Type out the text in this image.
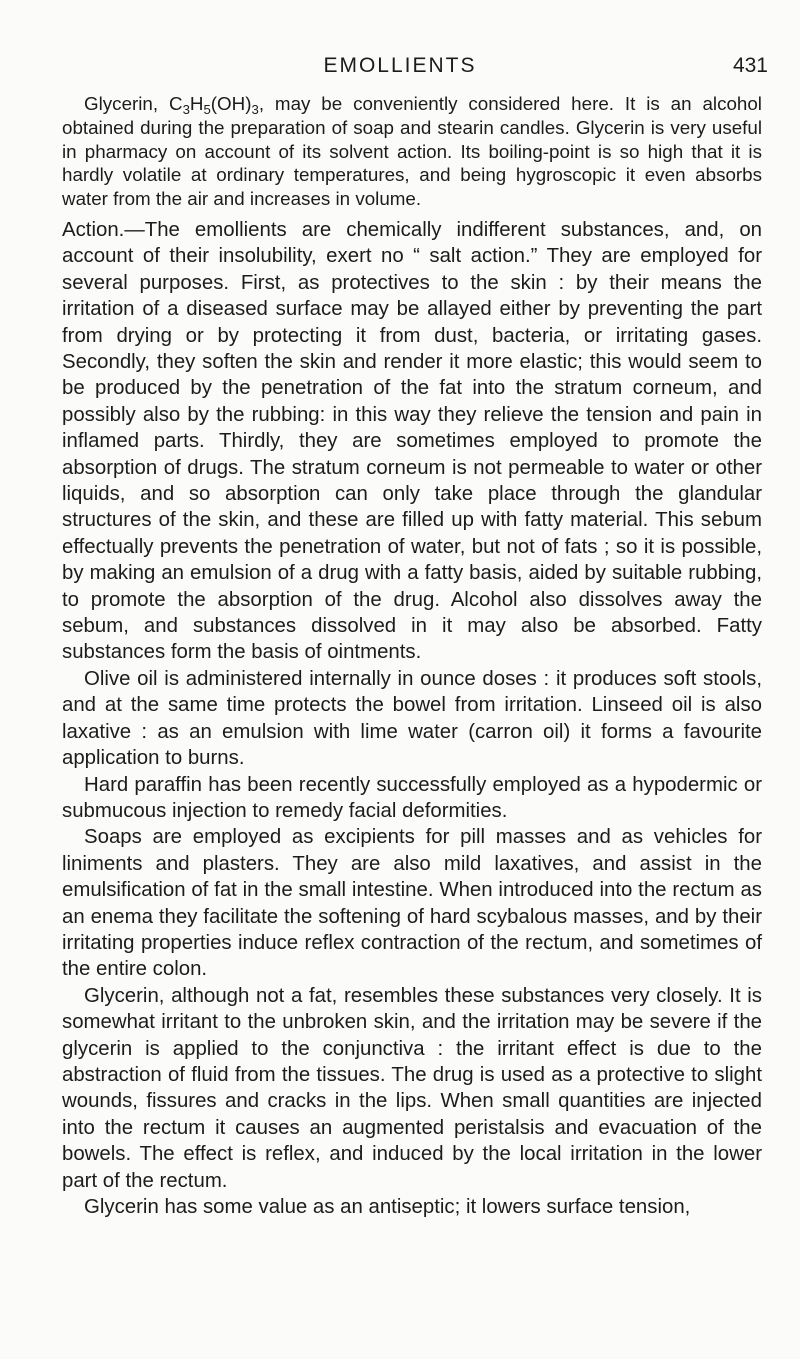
EMOLLIENTS	431

Glycerin, $C_3H_5(OH)_3$, may be conveniently considered here. It is an alcohol obtained during the preparation of soap and stearin candles. Glycerin is very useful in pharmacy on account of its solvent action. Its boiling-point is so high that it is hardly volatile at ordinary temperatures, and being hygroscopic it even absorbs water from the air and increases in volume.

Action.—The emollients are chemically indifferent substances, and, on account of their insolubility, exert no “ salt action.” They are employed for several purposes. First, as protectives to the skin : by their means the irritation of a diseased surface may be allayed either by preventing the part from drying or by protecting it from dust, bacteria, or irritating gases. Secondly, they soften the skin and render it more elastic; this would seem to be produced by the penetration of the fat into the stratum corneum, and possibly also by the rubbing: in this way they relieve the tension and pain in inflamed parts. Thirdly, they are sometimes employed to promote the absorption of drugs. The stratum corneum is not permeable to water or other liquids, and so absorption can only take place through the glandular structures of the skin, and these are filled up with fatty material. This sebum effectually prevents the penetration of water, but not of fats ; so it is possible, by making an emulsion of a drug with a fatty basis, aided by suitable rubbing, to promote the absorption of the drug. Alcohol also dissolves away the sebum, and substances dissolved in it may also be absorbed. Fatty substances form the basis of ointments.

Olive oil is administered internally in ounce doses : it produces soft stools, and at the same time protects the bowel from irritation. Linseed oil is also laxative : as an emulsion with lime water (carron oil) it forms a favourite application to burns.

Hard paraffin has been recently successfully employed as a hypodermic or submucous injection to remedy facial deformities.

Soaps are employed as excipients for pill masses and as vehicles for liniments and plasters. They are also mild laxatives, and assist in the emulsification of fat in the small intestine. When introduced into the rectum as an enema they facilitate the softening of hard scybalous masses, and by their irritating properties induce reflex contraction of the rectum, and sometimes of the entire colon.

Glycerin, although not a fat, resembles these substances very closely. It is somewhat irritant to the unbroken skin, and the irritation may be severe if the glycerin is applied to the conjunctiva : the irritant effect is due to the abstraction of fluid from the tissues. The drug is used as a protective to slight wounds, fissures and cracks in the lips. When small quantities are injected into the rectum it causes an augmented peristalsis and evacuation of the bowels. The effect is reflex, and induced by the local irritation in the lower part of the rectum.

Glycerin has some value as an antiseptic; it lowers surface tension,
